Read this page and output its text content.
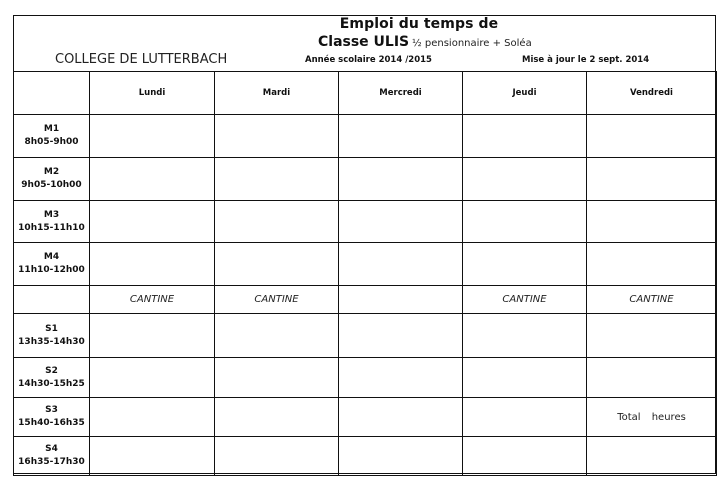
Emploi du temps de
Classe ULIS ½ pensionnaire + Soléa
COLLEGE DE LUTTERBACH	Année scolaire 2014 /2015	Mise à jour le 2 sept. 2014
	Lundi	Mardi	Mercredi	Jeudi	Vendredi

M1
8h05-9h00					

M2
9h05-10h00					

M3
10h15-11h10					

M4
11h10-12h00					

	CANTINE	CANTINE		CANTINE	CANTINE

S1
13h35-14h30					

S2
14h30-15h25					

S3
15h40-16h35					Total heures

S4
16h35-17h30					
